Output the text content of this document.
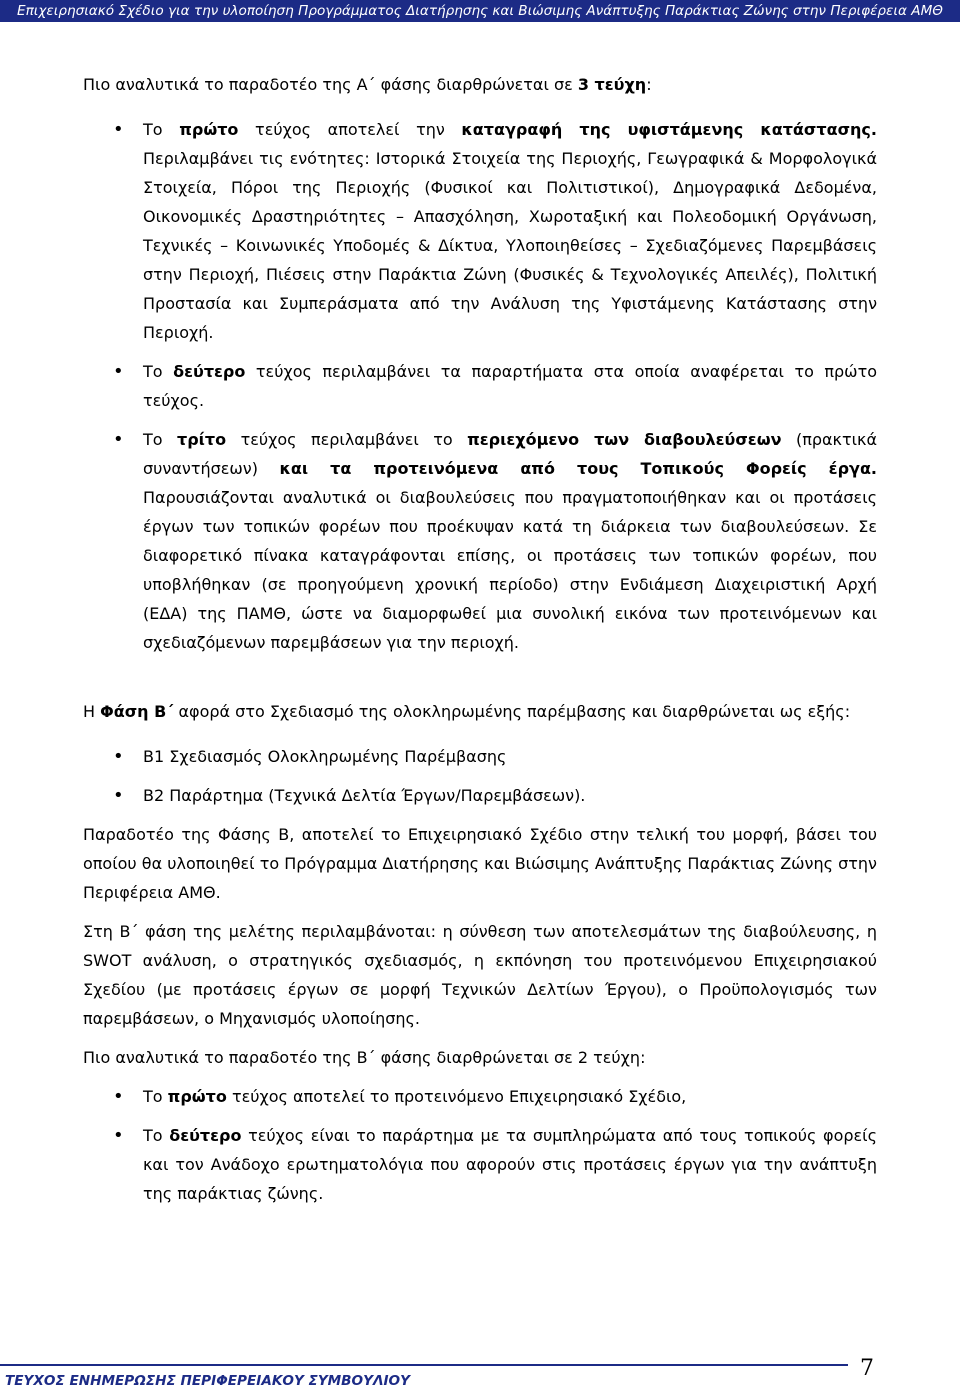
Επιχειρησιακό Σχέδιο για την υλοποίηση Προγράμματος Διατήρησης και Βιώσιμης Ανάπτυξης Παράκτιας Ζώνης στην Περιφέρεια ΑΜΘ

Πιο αναλυτικά το παραδοτέο της Α΄ φάσης διαρθρώνεται σε 3 τεύχη:

• Το πρώτο τεύχος αποτελεί την καταγραφή της υφιστάμενης κατάστασης. Περιλαμβάνει τις ενότητες: Ιστορικά Στοιχεία της Περιοχής, Γεωγραφικά & Μορφολογικά Στοιχεία, Πόροι της Περιοχής (Φυσικοί και Πολιτιστικοί), Δημογραφικά Δεδομένα, Οικονομικές Δραστηριότητες – Απασχόληση, Χωροταξική και Πολεοδομική Οργάνωση, Τεχνικές – Κοινωνικές Υποδομές & Δίκτυα, Υλοποιηθείσες – Σχεδιαζόμενες Παρεμβάσεις στην Περιοχή, Πιέσεις στην Παράκτια Ζώνη (Φυσικές & Τεχνολογικές Απειλές), Πολιτική Προστασία και Συμπεράσματα από την Ανάλυση της Υφιστάμενης Κατάστασης στην Περιοχή.
• Το δεύτερο τεύχος περιλαμβάνει τα παραρτήματα στα οποία αναφέρεται το πρώτο τεύχος.
• Το τρίτο τεύχος περιλαμβάνει το περιεχόμενο των διαβουλεύσεων (πρακτικά συναντήσεων) και τα προτεινόμενα από τους Τοπικούς Φορείς έργα. Παρουσιάζονται αναλυτικά οι διαβουλεύσεις που πραγματοποιήθηκαν και οι προτάσεις έργων των τοπικών φορέων που προέκυψαν κατά τη διάρκεια των διαβουλεύσεων. Σε διαφορετικό πίνακα καταγράφονται επίσης, οι προτάσεις των τοπικών φορέων, που υποβλήθηκαν (σε προηγούμενη χρονική περίοδο) στην Ενδιάμεση Διαχειριστική Αρχή (ΕΔΑ) της ΠΑΜΘ, ώστε να διαμορφωθεί μια συνολική εικόνα των προτεινόμενων και σχεδιαζόμενων παρεμβάσεων για την περιοχή.

Η Φάση Β΄ αφορά στο Σχεδιασμό της ολοκληρωμένης παρέμβασης και διαρθρώνεται ως εξής:

• Β1 Σχεδιασμός Ολοκληρωμένης Παρέμβασης
• Β2 Παράρτημα (Τεχνικά Δελτία Έργων/Παρεμβάσεων).

Παραδοτέο της Φάσης Β, αποτελεί το Επιχειρησιακό Σχέδιο στην τελική του μορφή, βάσει του οποίου θα υλοποιηθεί το Πρόγραμμα Διατήρησης και Βιώσιμης Ανάπτυξης Παράκτιας Ζώνης στην Περιφέρεια ΑΜΘ.

Στη Β΄ φάση της μελέτης περιλαμβάνοται: η σύνθεση των αποτελεσμάτων της διαβούλευσης, η SWOT ανάλυση, ο στρατηγικός σχεδιασμός, η εκπόνηση του προτεινόμενου Επιχειρησιακού Σχεδίου (με προτάσεις έργων σε μορφή Τεχνικών Δελτίων Έργου), ο Προϋπολογισμός των παρεμβάσεων, ο Μηχανισμός υλοποίησης.

Πιο αναλυτικά το παραδοτέο της Β΄ φάσης διαρθρώνεται σε 2 τεύχη:

• Το πρώτο τεύχος αποτελεί το προτεινόμενο Επιχειρησιακό Σχέδιο,
• Το δεύτερο τεύχος είναι το παράρτημα με τα συμπληρώματα από τους τοπικούς φορείς και τον Ανάδοχο ερωτηματολόγια που αφορούν στις προτάσεις έργων για την ανάπτυξη της παράκτιας ζώνης.
ΤΕΥΧΟΣ ΕΝΗΜΕΡΩΣΗΣ ΠΕΡΙΦΕΡΕΙΑΚΟΥ ΣΥΜΒΟΥΛΙΟΥ	7
